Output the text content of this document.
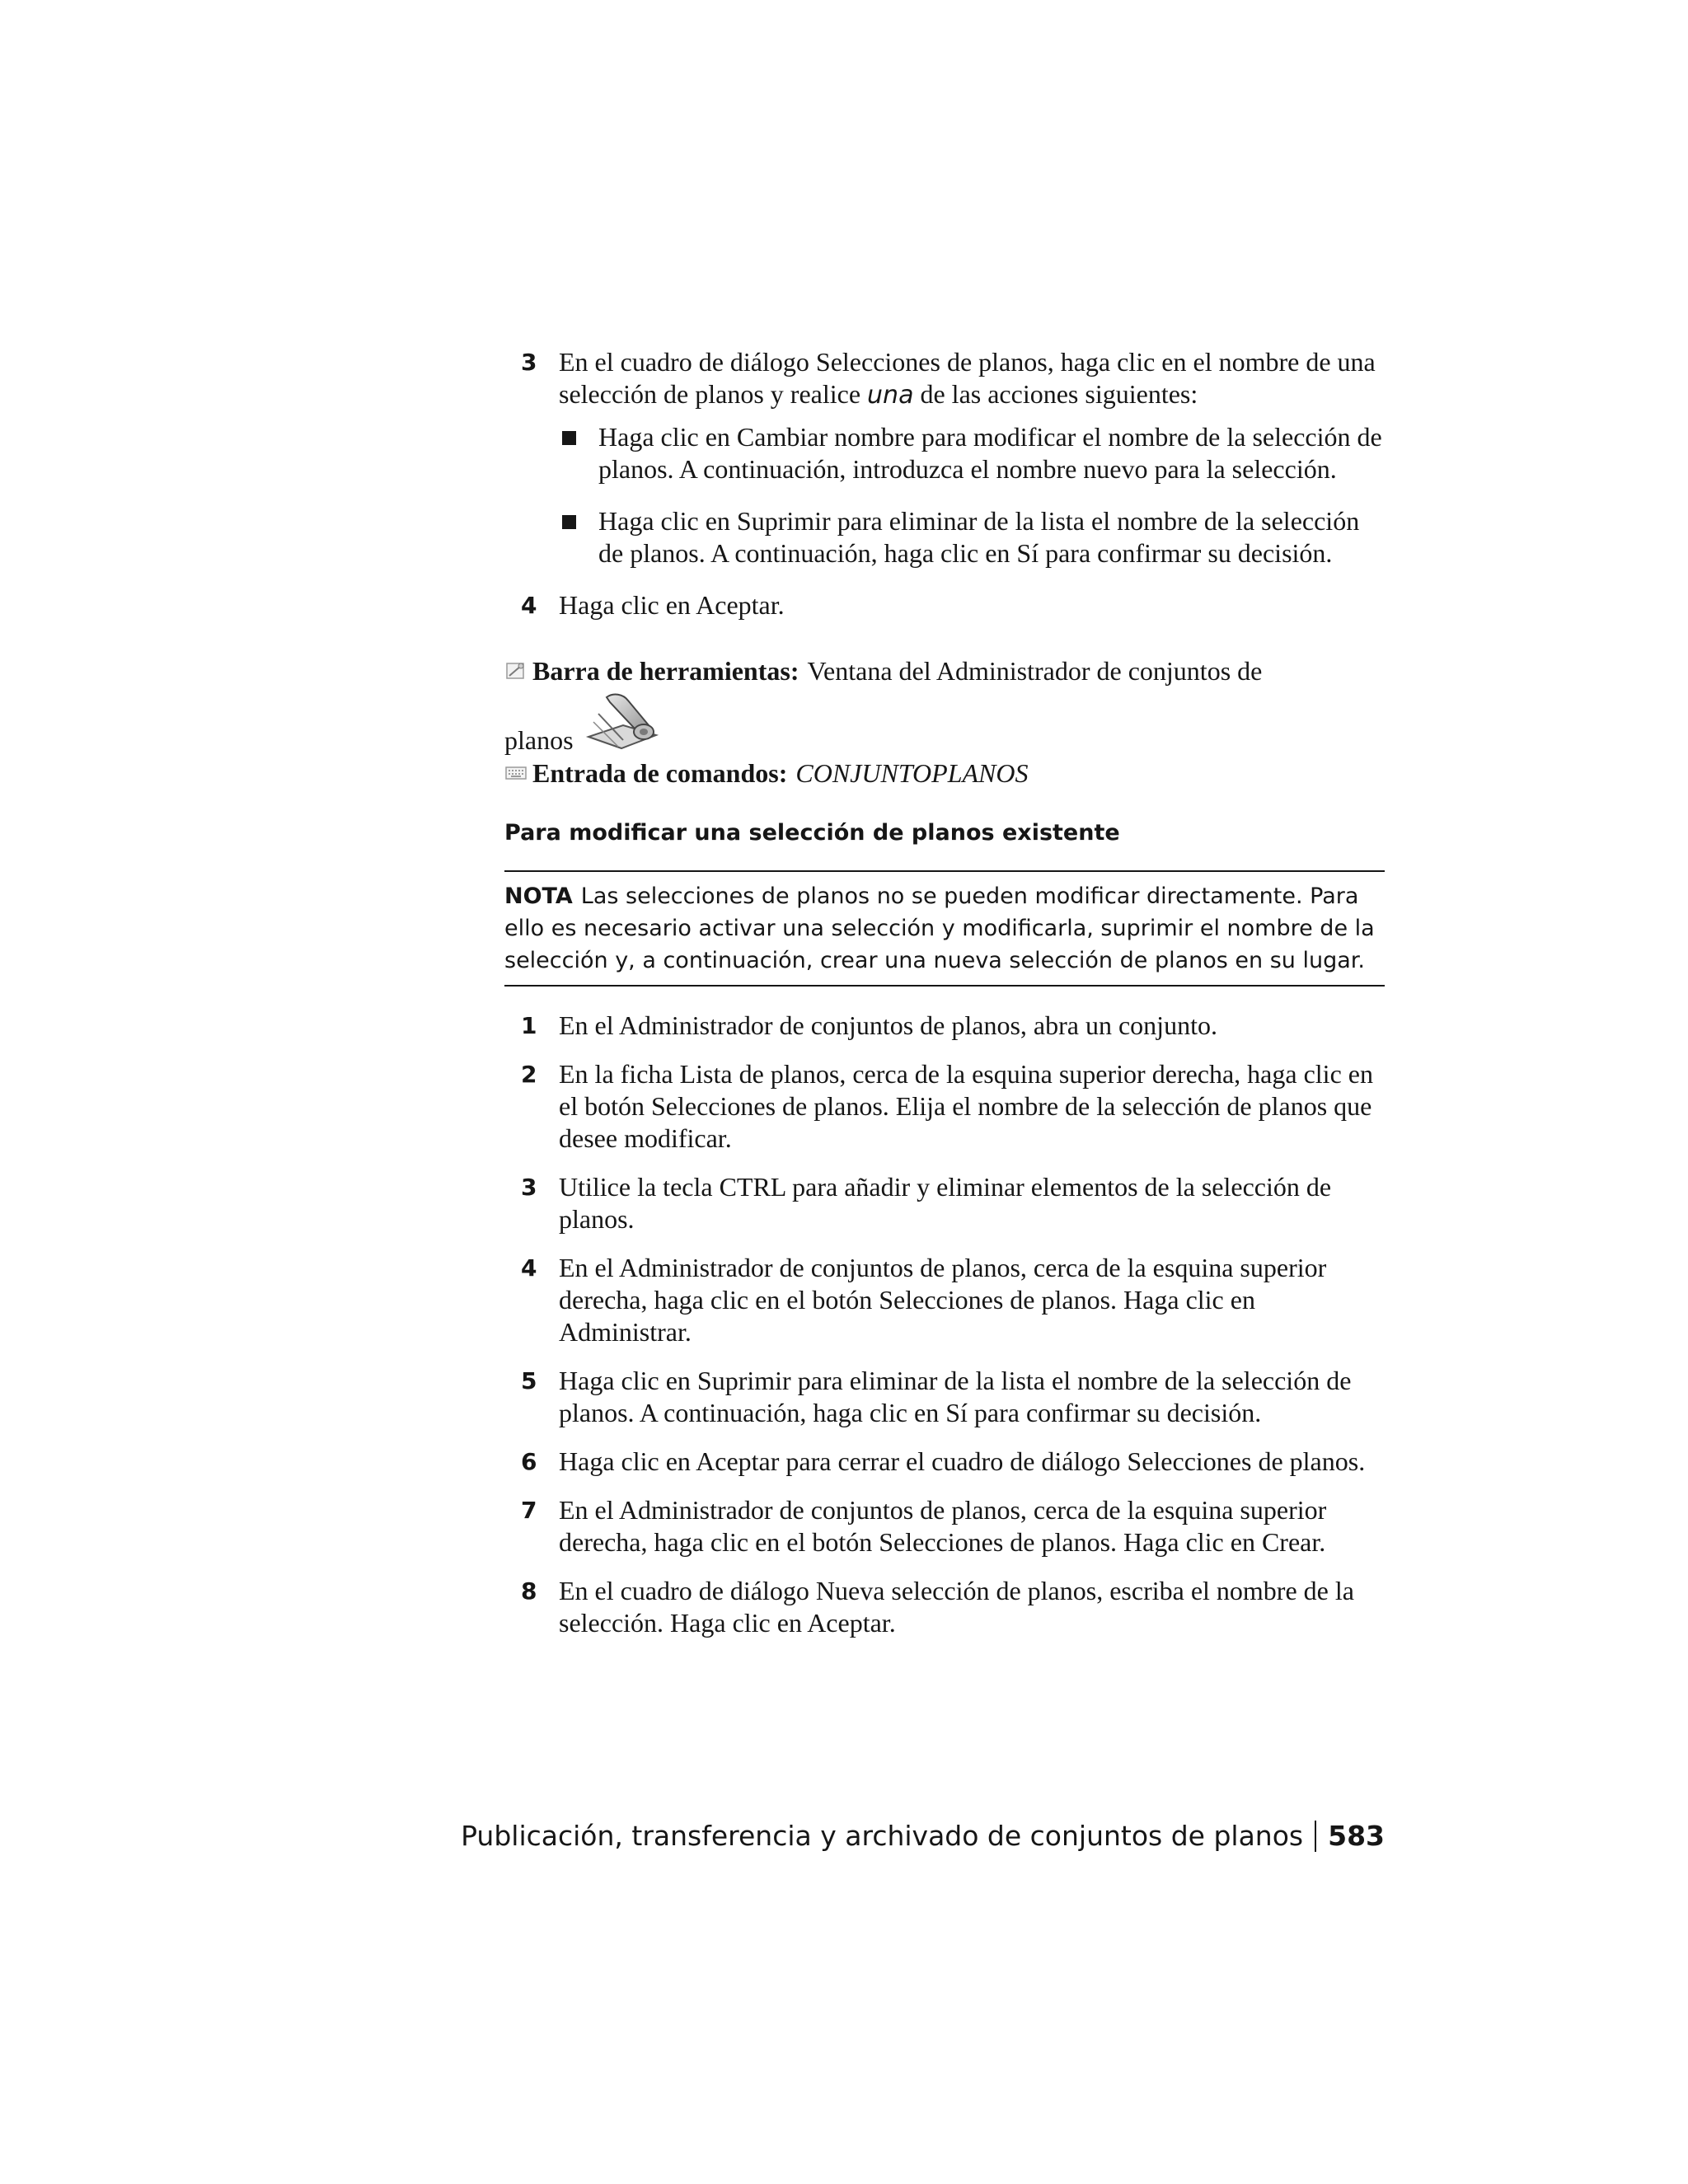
3 En el cuadro de diálogo Selecciones de planos, haga clic en el nombre de una selección de planos y realice una de las acciones siguientes:
Haga clic en Cambiar nombre para modificar el nombre de la selección de planos. A continuación, introduzca el nombre nuevo para la selección.
Haga clic en Suprimir para eliminar de la lista el nombre de la selección de planos. A continuación, haga clic en Sí para confirmar su decisión.
4 Haga clic en Aceptar.
Barra de herramientas: Ventana del Administrador de conjuntos de
planos
Entrada de comandos: CONJUNTOPLANOS
Para modificar una selección de planos existente
NOTA Las selecciones de planos no se pueden modificar directamente. Para ello es necesario activar una selección y modificarla, suprimir el nombre de la selección y, a continuación, crear una nueva selección de planos en su lugar.
1 En el Administrador de conjuntos de planos, abra un conjunto.
2 En la ficha Lista de planos, cerca de la esquina superior derecha, haga clic en el botón Selecciones de planos. Elija el nombre de la selección de planos que desee modificar.
3 Utilice la tecla CTRL para añadir y eliminar elementos de la selección de planos.
4 En el Administrador de conjuntos de planos, cerca de la esquina superior derecha, haga clic en el botón Selecciones de planos. Haga clic en Administrar.
5 Haga clic en Suprimir para eliminar de la lista el nombre de la selección de planos. A continuación, haga clic en Sí para confirmar su decisión.
6 Haga clic en Aceptar para cerrar el cuadro de diálogo Selecciones de planos.
7 En el Administrador de conjuntos de planos, cerca de la esquina superior derecha, haga clic en el botón Selecciones de planos. Haga clic en Crear.
8 En el cuadro de diálogo Nueva selección de planos, escriba el nombre de la selección. Haga clic en Aceptar.
Publicación, transferencia y archivado de conjuntos de planos 583
